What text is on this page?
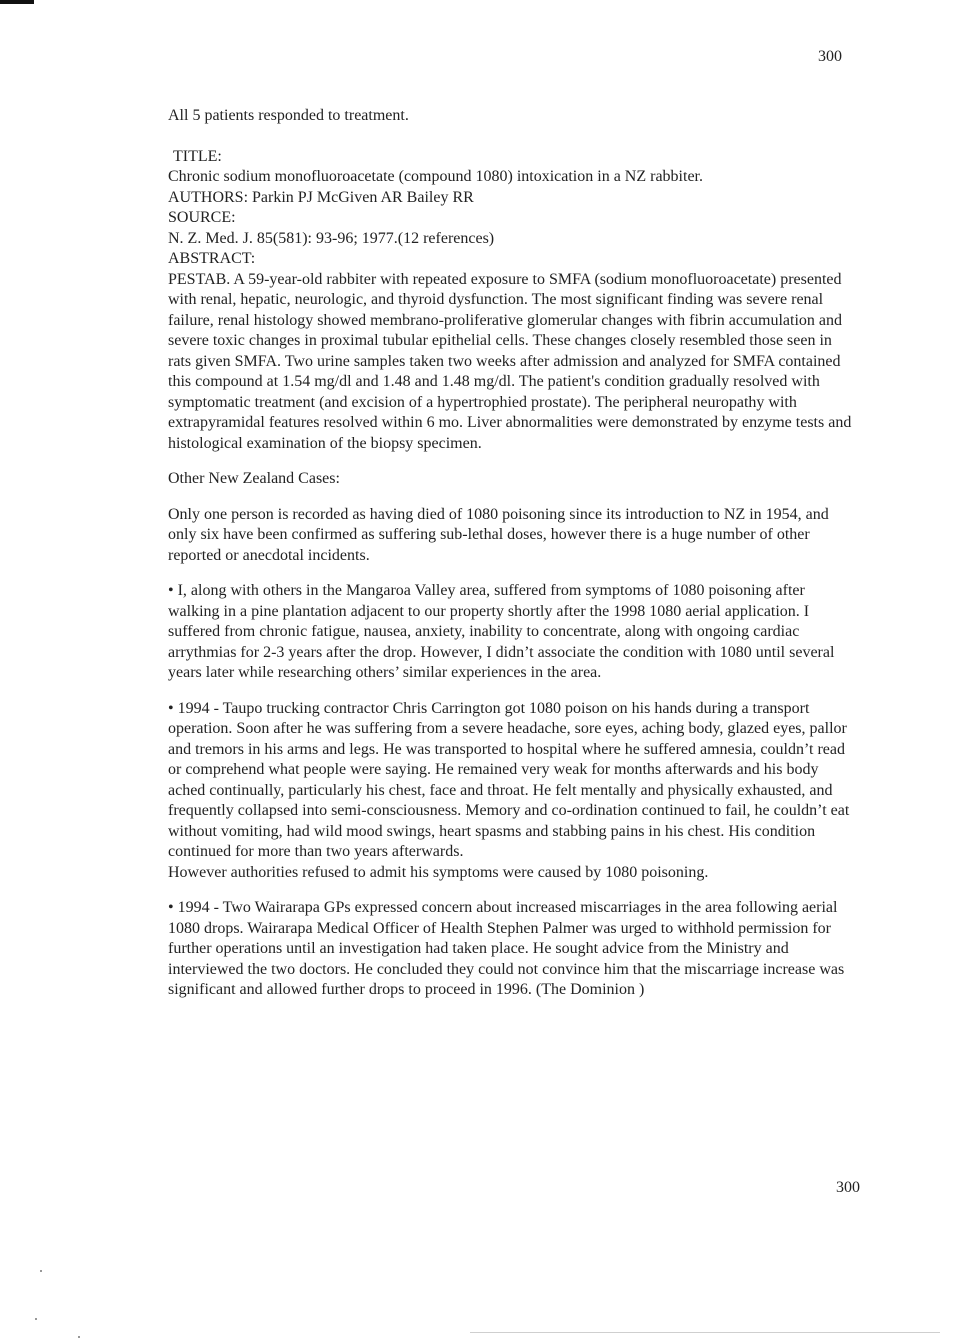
300

All 5 patients responded to treatment.

TITLE:

Chronic sodium monofluoroacetate (compound 1080) intoxication in a NZ rabbiter.

AUTHORS: Parkin PJ McGiven AR Bailey RR

SOURCE:

N. Z. Med. J. 85(581): 93-96; 1977.(12 references)

ABSTRACT:

PESTAB. A 59-year-old rabbiter with repeated exposure to SMFA (sodium monofluoroacetate) presented with renal, hepatic, neurologic, and thyroid dysfunction. The most significant finding was severe renal failure, renal histology showed membrano-proliferative glomerular changes with fibrin accumulation and severe toxic changes in proximal tubular epithelial cells. These changes closely resembled those seen in rats given SMFA. Two urine samples taken two weeks after admission and analyzed for SMFA contained this compound at 1.54 mg/dl and 1.48 and 1.48 mg/dl. The patient's condition gradually resolved with symptomatic treatment (and excision of a hypertrophied prostate). The peripheral neuropathy with extrapyramidal features resolved within 6 mo. Liver abnormalities were demonstrated by enzyme tests and histological examination of the biopsy specimen.

Other New Zealand Cases:

Only one person is recorded as having died of 1080 poisoning since its introduction to NZ in 1954, and only six have been confirmed as suffering sub-lethal doses, however there is a huge number of other reported or anecdotal incidents.

• I, along with others in the Mangaroa Valley area, suffered from symptoms of 1080 poisoning after walking in a pine plantation adjacent to our property shortly after the 1998 1080 aerial application. I suffered from chronic fatigue, nausea, anxiety, inability to concentrate, along with ongoing cardiac arrythmias for 2-3 years after the drop. However, I didn’t associate the condition with 1080 until several years later while researching others’ similar experiences in the area.

• 1994 - Taupo trucking contractor Chris Carrington got 1080 poison on his hands during a transport operation. Soon after he was suffering from a severe headache, sore eyes, aching body, glazed eyes, pallor and tremors in his arms and legs. He was transported to hospital where he suffered amnesia, couldn’t read or comprehend what people were saying. He remained very weak for months afterwards and his body ached continually, particularly his chest, face and throat. He felt mentally and physically exhausted, and frequently collapsed into semi-consciousness. Memory and co-ordination continued to fail, he couldn’t eat without vomiting, had wild mood swings, heart spasms and stabbing pains in his chest. His condition continued for more than two years afterwards.

However authorities refused to admit his symptoms were caused by 1080 poisoning.

• 1994 - Two Wairarapa GPs expressed concern about increased miscarriages in the area following aerial 1080 drops. Wairarapa Medical Officer of Health Stephen Palmer was urged to withhold permission for further operations until an investigation had taken place. He sought advice from the Ministry and interviewed the two doctors. He concluded they could not convince him that the miscarriage increase was significant and allowed further drops to proceed in 1996. (The Dominion )

300
